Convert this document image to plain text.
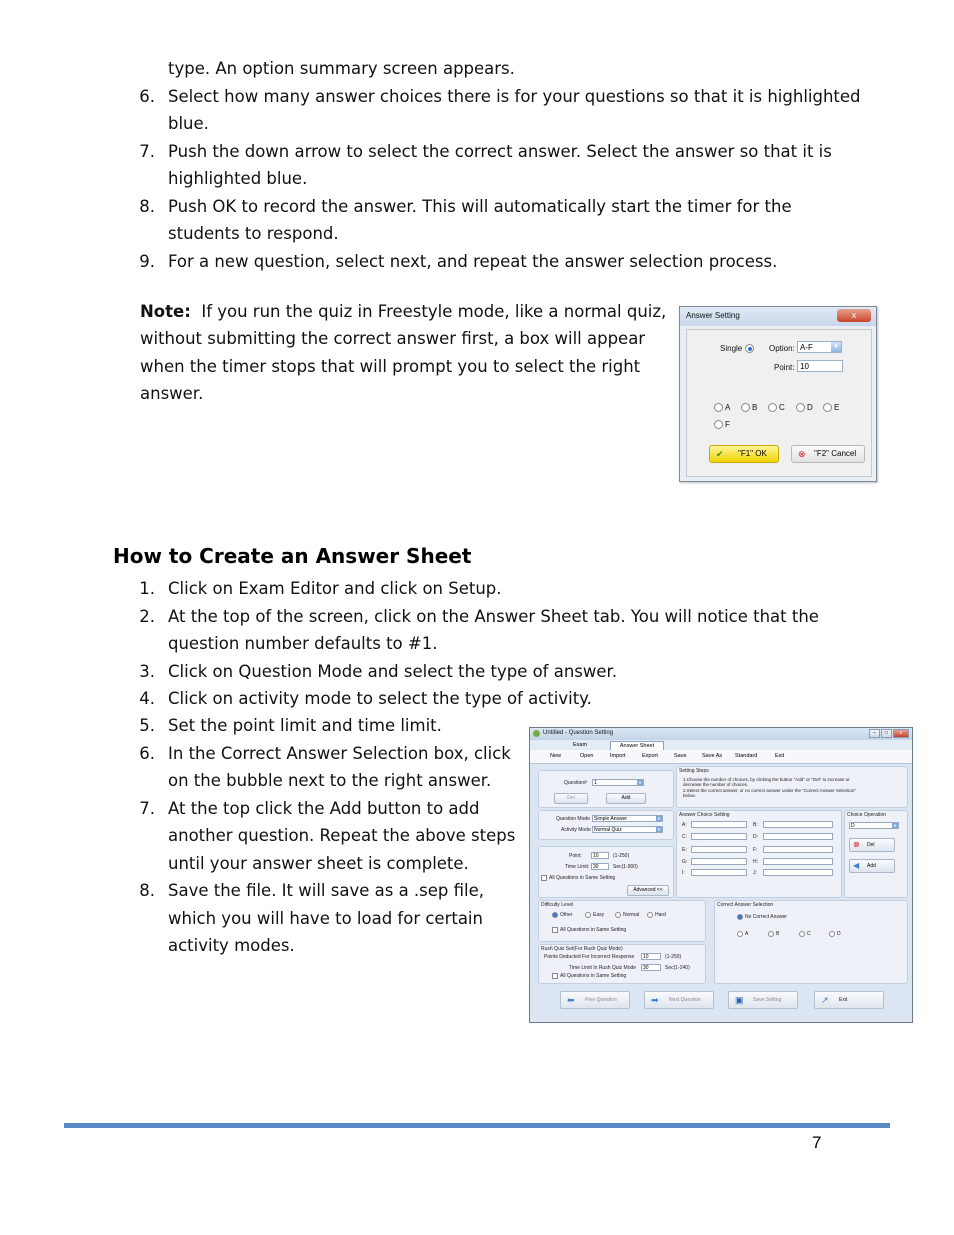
type. An option summary screen appears.
6. Select how many answer choices there is for your questions so that it is highlighted
blue.
7. Push the down arrow to select the correct answer. Select the answer so that it is
highlighted blue.
8. Push OK to record the answer. This will automatically start the timer for the
students to respond.
9. For a new question, select next, and repeat the answer selection process.
Note: If you run the quiz in Freestyle mode, like a normal quiz,
without submitting the correct answer first, a box will appear
when the timer stops that will prompt you to select the right
answer.
Answer Setting	x
Single	Option: A-F	▼
Point: 10
A	B	C	D	E
F
✔ "F1" OK	⊗ "F2" Cancel
How to Create an Answer Sheet
1. Click on Exam Editor and click on Setup.
2. At the top of the screen, click on the Answer Sheet tab. You will notice that the
question number defaults to #1.
3. Click on Question Mode and select the type of answer.
4. Click on activity mode to select the type of activity.
5. Set the point limit and time limit.
6. In the Correct Answer Selection box, click
on the bubble next to the right answer.
7. At the top click the Add button to add
another question. Repeat the above steps
until your answer sheet is complete.
8. Save the file. It will save as a .sep file,
which you will have to load for certain
activity modes.
Untitled - Question Setting	–	□	x
Exam	Answer Sheet
New	Open	Import	Export	Save	Save As Standard	Exit
Question#	1	▼
Del	Add
Question Mode Simple Answer	▼
Activity Mode Normal Quiz	▼
Point:	10	(1-250)
Time Limit: 30	Sec(1-900)
All Questions in Same Setting
Advanced <<
Setting Steps
1.Choose the number of choices, by clicking the button "Add" or "Del" to increase or
decrease the number of choices.
2.Select the correct answer, or no correct answer under the "Correct Answer Selection"
below.
Answer Choice Setting
A:	B:
C:	D:
E:	F:
G:	H:
I:	J:
Choice Operation
D	▼
⊗ Del
◀ Add
Difficulty Level
Other	Easy	Normal	Hard
All Questions in Same Setting
Correct Answer Selection
No Correct Answer
A	B	C	D
Rush Quiz Set(For Rush Quiz Mode)
Points Deducted For Incorrect Response	10	(1-250)
Time Limit In Rush Quiz Mode	30	Sec(1-240)
All Questions in Same Setting
⬅	Prev Question	➡	Next Question	▣	Save Setting	↗	Exit
7
